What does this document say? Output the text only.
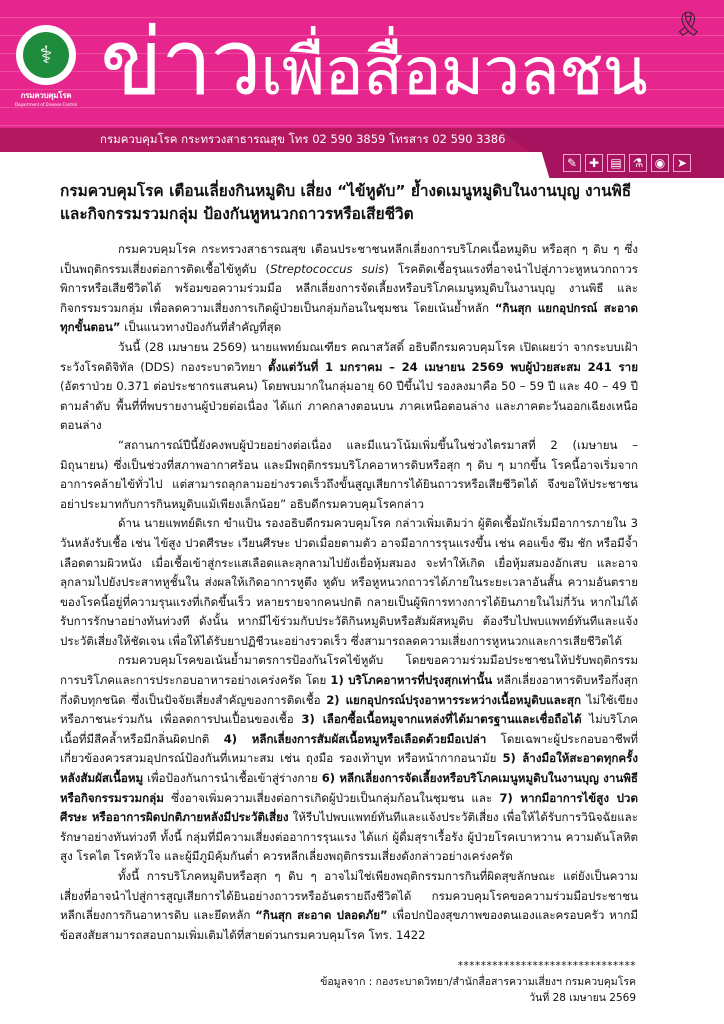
⚕
กรมควบคุมโรค
Department of Disease Control ข่าวเพื่อสื่อมวลชน
🎗
กรมควบคุมโรค กระทรวงสาธารณสุข โทร 02 590 3859 โทรสาร 02 590 3386
✎ ✚ ▤ ⚗ ◉ ➤
กรมควบคุมโรค เตือนเลี่ยงกินหมูดิบ เสี่ยง “ไข้หูดับ” ย้ำงดเมนูหมูดิบในงานบุญ งานพิธี และกิจกรรมรวมกลุ่ม ป้องกันหูหนวกถาวรหรือเสียชีวิต

กรมควบคุมโรค กระทรวงสาธารณสุข เตือนประชาชนหลีกเลี่ยงการบริโภคเนื้อหมูดิบ หรือสุก ๆ ดิบ ๆ ซึ่งเป็นพฤติกรรมเสี่ยงต่อการติดเชื้อไข้หูดับ (Streptococcus suis) โรคติดเชื้อรุนแรงที่อาจนำไปสู่ภาวะหูหนวกถาวร พิการหรือเสียชีวิตได้ พร้อมขอความร่วมมือ หลีกเลี่ยงการจัดเลี้ยงหรือบริโภคเมนูหมูดิบในงานบุญ งานพิธี และกิจกรรมรวมกลุ่ม เพื่อลดความเสี่ยงการเกิดผู้ป่วยเป็นกลุ่มก้อนในชุมชน โดยเน้นย้ำหลัก “กินสุก แยกอุปกรณ์ สะอาดทุกขั้นตอน” เป็นแนวทางป้องกันที่สำคัญที่สุด

วันนี้ (28 เมษายน 2569) นายแพทย์มณเฑียร คณาสวัสดิ์ อธิบดีกรมควบคุมโรค เปิดเผยว่า จากระบบเฝ้าระวังโรคดิจิทัล (DDS) กองระบาดวิทยา ตั้งแต่วันที่ 1 มกราคม – 24 เมษายน 2569 พบผู้ป่วยสะสม 241 ราย (อัตราป่วย 0.371 ต่อประชากรแสนคน) โดยพบมากในกลุ่มอายุ 60 ปีขึ้นไป รองลงมาคือ 50 – 59 ปี และ 40 – 49 ปี ตามลำดับ พื้นที่ที่พบรายงานผู้ป่วยต่อเนื่อง ได้แก่ ภาคกลางตอนบน ภาคเหนือตอนล่าง และภาคตะวันออกเฉียงเหนือตอนล่าง

“สถานการณ์ปีนี้ยังคงพบผู้ป่วยอย่างต่อเนื่อง และมีแนวโน้มเพิ่มขึ้นในช่วงไตรมาสที่ 2 (เมษายน – มิถุนายน) ซึ่งเป็นช่วงที่สภาพอากาศร้อน และมีพฤติกรรมบริโภคอาหารดิบหรือสุก ๆ ดิบ ๆ มากขึ้น โรคนี้อาจเริ่มจากอาการคล้ายไข้ทั่วไป แต่สามารถลุกลามอย่างรวดเร็วถึงขั้นสูญเสียการได้ยินถาวรหรือเสียชีวิตได้ จึงขอให้ประชาชนอย่าประมาทกับการกินหมูดิบแม้เพียงเล็กน้อย” อธิบดีกรมควบคุมโรคกล่าว

ด้าน นายแพทย์ดิเรก ขำแป้น รองอธิบดีกรมควบคุมโรค กล่าวเพิ่มเติมว่า ผู้ติดเชื้อมักเริ่มมีอาการภายใน 3 วันหลังรับเชื้อ เช่น ไข้สูง ปวดศีรษะ เวียนศีรษะ ปวดเมื่อยตามตัว อาจมีอาการรุนแรงขึ้น เช่น คอแข็ง ซึม ชัก หรือมีจ้ำเลือดตามผิวหนัง เมื่อเชื้อเข้าสู่กระแสเลือดและลุกลามไปยังเยื่อหุ้มสมอง จะทำให้เกิด เยื่อหุ้มสมองอักเสบ และอาจลุกลามไปยังประสาทหูชั้นใน ส่งผลให้เกิดอาการหูตึง หูดับ หรือหูหนวกถาวรได้ภายในระยะเวลาอันสั้น ความอันตรายของโรคนี้อยู่ที่ความรุนแรงที่เกิดขึ้นเร็ว หลายรายจากคนปกติ กลายเป็นผู้พิการทางการได้ยินภายในไม่กี่วัน หากไม่ได้รับการรักษาอย่างทันท่วงที ดังนั้น หากมีไข้ร่วมกับประวัติกินหมูดิบหรือสัมผัสหมูดิบ ต้องรีบไปพบแพทย์ทันทีและแจ้งประวัติเสี่ยงให้ชัดเจน เพื่อให้ได้รับยาปฏิชีวนะอย่างรวดเร็ว ซึ่งสามารถลดความเสี่ยงการหูหนวกและการเสียชีวิตได้

กรมควบคุมโรคขอเน้นย้ำมาตรการป้องกันโรคไข้หูดับ โดยขอความร่วมมือประชาชนให้ปรับพฤติกรรมการบริโภคและการประกอบอาหารอย่างเคร่งครัด โดย 1) บริโภคอาหารที่ปรุงสุกเท่านั้น หลีกเลี่ยงอาหารดิบหรือกึ่งสุกกึ่งดิบทุกชนิด ซึ่งเป็นปัจจัยเสี่ยงสำคัญของการติดเชื้อ 2) แยกอุปกรณ์ปรุงอาหารระหว่างเนื้อหมูดิบและสุก ไม่ใช้เขียงหรือภาชนะร่วมกัน เพื่อลดการปนเปื้อนของเชื้อ 3) เลือกซื้อเนื้อหมูจากแหล่งที่ได้มาตรฐานและเชื่อถือได้ ไม่บริโภคเนื้อที่มีสีคล้ำหรือมีกลิ่นผิดปกติ 4) หลีกเลี่ยงการสัมผัสเนื้อหมูหรือเลือดด้วยมือเปล่า โดยเฉพาะผู้ประกอบอาชีพที่เกี่ยวข้องควรสวมอุปกรณ์ป้องกันที่เหมาะสม เช่น ถุงมือ รองเท้าบูท หรือหน้ากากอนามัย 5) ล้างมือให้สะอาดทุกครั้งหลังสัมผัสเนื้อหมู เพื่อป้องกันการนำเชื้อเข้าสู่ร่างกาย 6) หลีกเลี่ยงการจัดเลี้ยงหรือบริโภคเมนูหมูดิบในงานบุญ งานพิธี หรือกิจกรรมรวมกลุ่ม ซึ่งอาจเพิ่มความเสี่ยงต่อการเกิดผู้ป่วยเป็นกลุ่มก้อนในชุมชน และ 7) หากมีอาการไข้สูง ปวดศีรษะ หรืออาการผิดปกติภายหลังมีประวัติเสี่ยง ให้รีบไปพบแพทย์ทันทีและแจ้งประวัติเสี่ยง เพื่อให้ได้รับการวินิจฉัยและรักษาอย่างทันท่วงที ทั้งนี้ กลุ่มที่มีความเสี่ยงต่ออาการรุนแรง ได้แก่ ผู้ดื่มสุราเรื้อรัง ผู้ป่วยโรคเบาหวาน ความดันโลหิตสูง โรคไต โรคหัวใจ และผู้มีภูมิคุ้มกันต่ำ ควรหลีกเลี่ยงพฤติกรรมเสี่ยงดังกล่าวอย่างเคร่งครัด

ทั้งนี้ การบริโภคหมูดิบหรือสุก ๆ ดิบ ๆ อาจไม่ใช่เพียงพฤติกรรมการกินที่ผิดสุขลักษณะ แต่ยังเป็นความเสี่ยงที่อาจนำไปสู่การสูญเสียการได้ยินอย่างถาวรหรืออันตรายถึงชีวิตได้ กรมควบคุมโรคขอความร่วมมือประชาชนหลีกเลี่ยงการกินอาหารดิบ และยึดหลัก “กินสุก สะอาด ปลอดภัย” เพื่อปกป้องสุขภาพของตนเองและครอบครัว หากมีข้อสงสัยสามารถสอบถามเพิ่มเติมได้ที่สายด่วนกรมควบคุมโรค โทร. 1422

*******************************
ข้อมูลจาก : กองระบาดวิทยา/สำนักสื่อสารความเสี่ยงฯ กรมควบคุมโรค
วันที่ 28 เมษายน 2569
